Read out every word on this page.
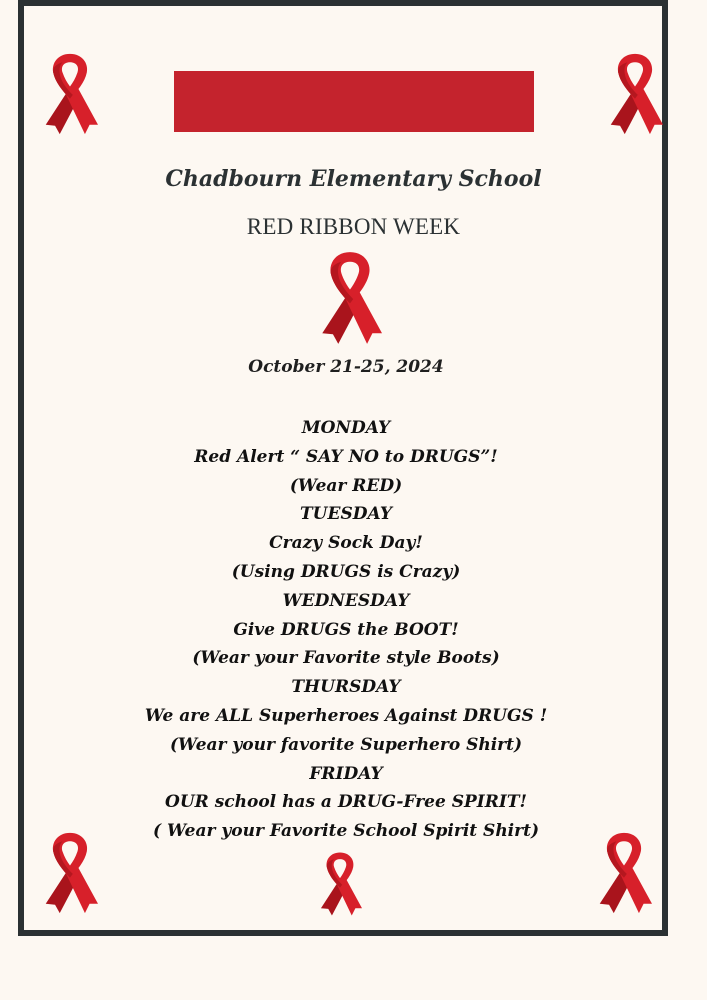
Chadbourn Elementary School
RED RIBBON WEEK
October 21-25, 2024
MONDAY
Red Alert “ SAY NO to DRUGS”!
(Wear RED)
TUESDAY
Crazy Sock Day!
(Using DRUGS is Crazy)
WEDNESDAY
Give DRUGS the BOOT!
(Wear your Favorite style Boots)
THURSDAY
We are ALL Superheroes Against DRUGS !
(Wear your favorite Superhero Shirt)
FRIDAY
OUR school has a DRUG-Free SPIRIT!
( Wear your Favorite School Spirit Shirt)
